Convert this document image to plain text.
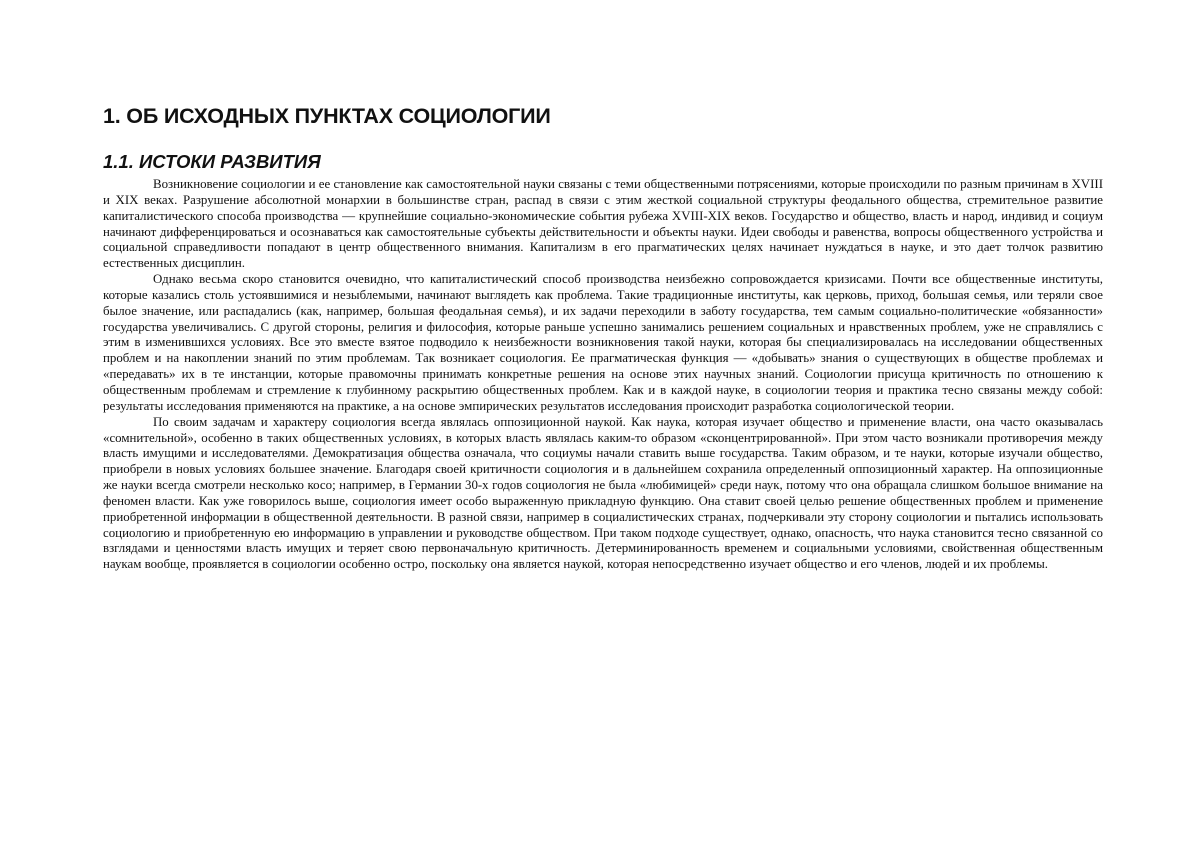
1. ОБ ИСХОДНЫХ ПУНКТАХ СОЦИОЛОГИИ
1.1. ИСТОКИ РАЗВИТИЯ

Возникновение социологии и ее становление как самостоятельной науки связаны с теми общественными потрясениями, которые происходили по разным причинам в XVIII и XIX веках. Разрушение абсолютной монархии в большинстве стран, распад в связи с этим жесткой социальной структуры феодального общества, стремительное развитие капиталистического способа производства — крупнейшие социально-экономические события рубежа XVIII-XIX веков. Государство и общество, власть и народ, индивид и социум начинают дифференцироваться и осознаваться как самостоятельные субъекты действительности и объекты науки. Идеи свободы и равенства, вопросы общественного устройства и социальной справедливости попадают в центр общественного внимания. Капитализм в его прагматических целях начинает нуждаться в науке, и это дает толчок развитию естественных дисциплин.

Однако весьма скоро становится очевидно, что капиталистический способ производства неизбежно сопровождается кризисами. Почти все общественные институты, которые казались столь устоявшимися и незыблемыми, начинают выглядеть как проблема. Такие традиционные институты, как церковь, приход, большая семья, или теряли свое былое значение, или распадались (как, например, большая феодальная семья), и их задачи переходили в заботу государства, тем самым социально-политические «обязанности» государства увеличивались. С другой стороны, религия и философия, которые раньше успешно занимались решением социальных и нравственных проблем, уже не справлялись с этим в изменившихся условиях. Все это вместе взятое подводило к неизбежности возникновения такой науки, которая бы специализировалась на исследовании общественных проблем и на накоплении знаний по этим проблемам. Так возникает социология. Ее прагматическая функция — «добывать» знания о существующих в обществе проблемах и «передавать» их в те инстанции, которые правомочны принимать конкретные решения на основе этих научных знаний. Социологии присуща критичность по отношению к общественным проблемам и стремление к глубинному раскрытию общественных проблем. Как и в каждой науке, в социологии теория и практика тесно связаны между собой: результаты исследования применяются на практике, а на основе эмпирических результатов исследования происходит разработка социологической теории.

По своим задачам и характеру социология всегда являлась оппозиционной наукой. Как наука, которая изучает общество и применение власти, она часто оказывалась «сомнительной», особенно в таких общественных условиях, в которых власть являлась каким-то образом «сконцентрированной». При этом часто возникали противоречия между власть имущими и исследователями. Демократизация общества означала, что социумы начали ставить выше государства. Таким образом, и те науки, которые изучали общество, приобрели в новых условиях большее значение. Благодаря своей критичности социология и в дальнейшем сохранила определенный оппозиционный характер. На оппозиционные же науки всегда смотрели несколько косо; например, в Германии 30-х годов социология не была «любимицей» среди наук, потому что она обращала слишком большое внимание на феномен власти. Как уже говорилось выше, социология имеет особо выраженную прикладную функцию. Она ставит своей целью решение общественных проблем и применение приобретенной информации в общественной деятельности. В разной связи, например в социалистических странах, подчеркивали эту сторону социологии и пытались использовать социологию и приобретенную ею информацию в управлении и руководстве обществом. При таком подходе существует, однако, опасность, что наука становится тесно связанной со взглядами и ценностями власть имущих и теряет свою первоначальную критичность. Детерминированность временем и социальными условиями, свойственная общественным наукам вообще, проявляется в социологии особенно остро, поскольку она является наукой, которая непосредственно изучает общество и его членов, людей и их проблемы.
